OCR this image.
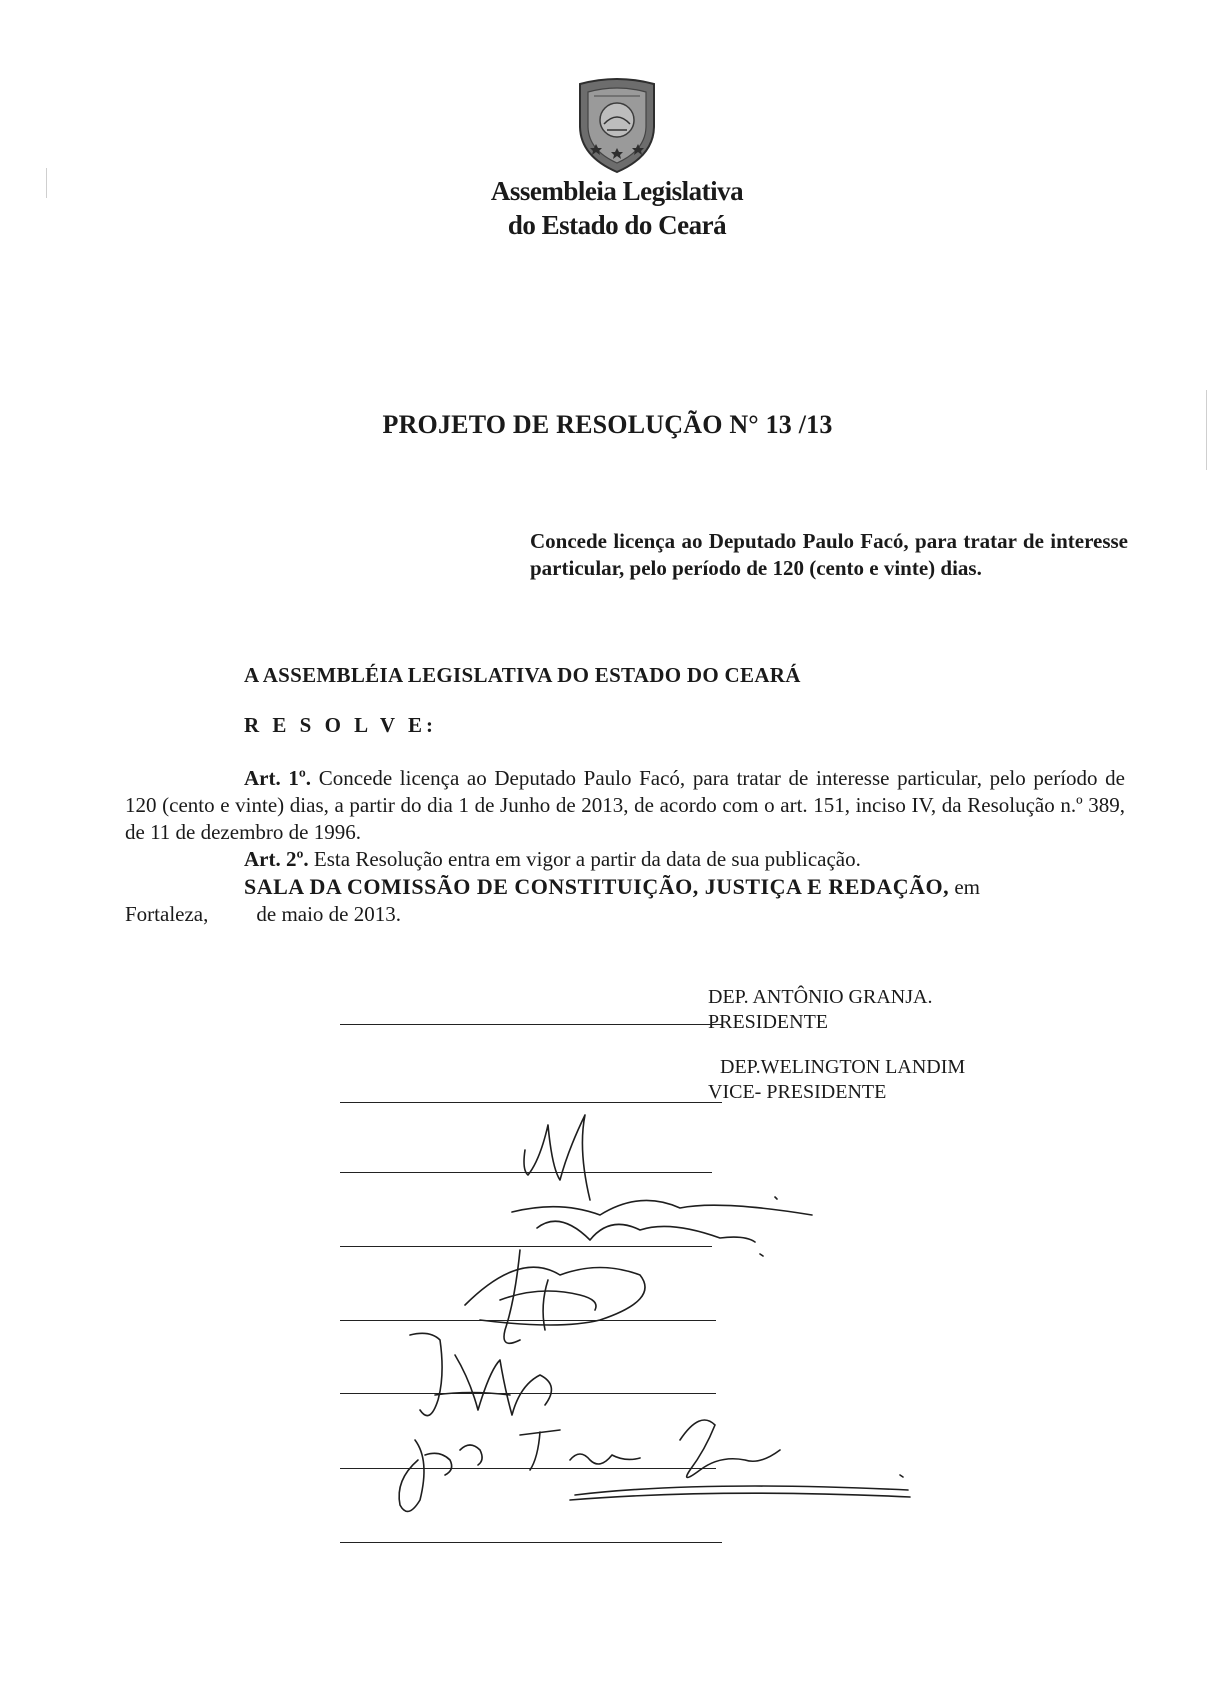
Assembleia Legislativa
do Estado do Ceará
PROJETO DE RESOLUÇÃO N° 13 /13
Concede licença ao Deputado Paulo Facó, para tratar de interesse particular, pelo período de 120 (cento e vinte) dias.
A ASSEMBLÉIA LEGISLATIVA DO ESTADO DO CEARÁ
R E S O L V E:

Art. 1º. Concede licença ao Deputado Paulo Facó, para tratar de interesse particular, pelo período de 120 (cento e vinte) dias, a partir do dia 1 de Junho de 2013, de acordo com o art. 151, inciso IV, da Resolução n.º 389, de 11 de dezembro de 1996.

Art. 2º. Esta Resolução entra em vigor a partir da data de sua publicação.

SALA DA COMISSÃO DE CONSTITUIÇÃO, JUSTIÇA E REDAÇÃO, em

Fortaleza, de maio de 2013.

DEP. ANTÔNIO GRANJA.
PRESIDENTE
DEP.WELINGTON LANDIM
VICE- PRESIDENTE
